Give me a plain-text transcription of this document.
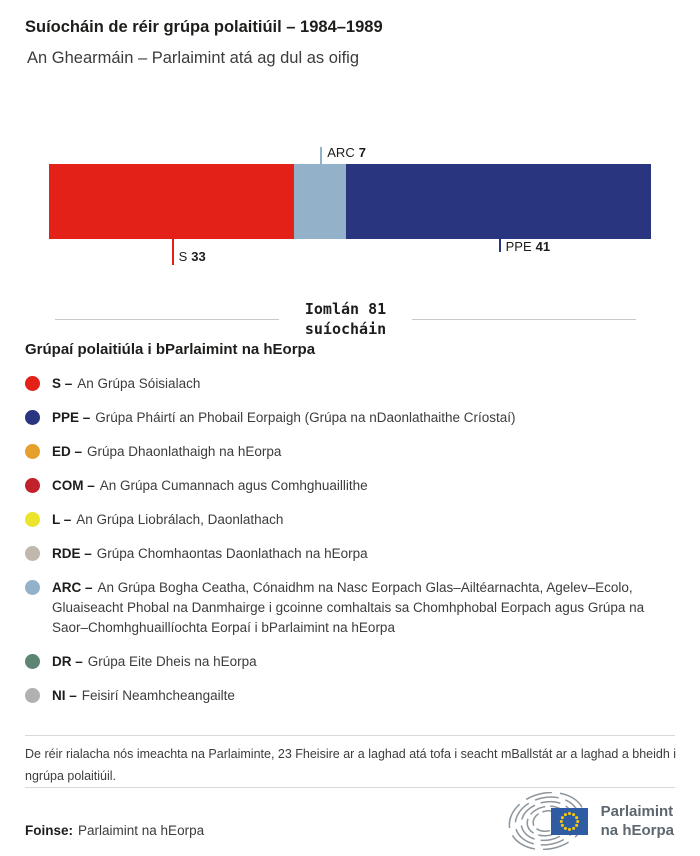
Suíocháin de réir grúpa polaitiúil – 1984–1989
An Ghearmáin – Parlaimint atá ag dul as oifig
ARC 7
S 33
PPE 41
Iomlán 81
suíocháin
Grúpaí polaitiúla i bParlaimint na hEorpa
S – An Grúpa Sóisialach
PPE – Grúpa Pháirtí an Phobail Eorpaigh (Grúpa na nDaonlathaithe Críostaí)
ED – Grúpa Dhaonlathaigh na hEorpa
COM – An Grúpa Cumannach agus Comhghuaillithe
L – An Grúpa Liobrálach, Daonlathach
RDE – Grúpa Chomhaontas Daonlathach na hEorpa
ARC – An Grúpa Bogha Ceatha, Cónaidhm na Nasc Eorpach Glas–Ailtéarnachta, Agelev–Ecolo, Gluaiseacht Phobal na Danmhairge i gcoinne comhaltais sa Chomhphobal Eorpach agus Grúpa na Saor–Chomhghuaillíochta Eorpaí i bParlaimint na hEorpa
DR – Grúpa Eite Dheis na hEorpa
NI – Feisirí Neamhcheangailte
De réir rialacha nós imeachta na Parlaiminte, 23 Fheisire ar a laghad atá tofa i seacht mBallstát ar a laghad a bheidh i ngrúpa polaitiúil.
Foinse: Parlaimint na hEorpa
Parlaimint
na hEorpa
